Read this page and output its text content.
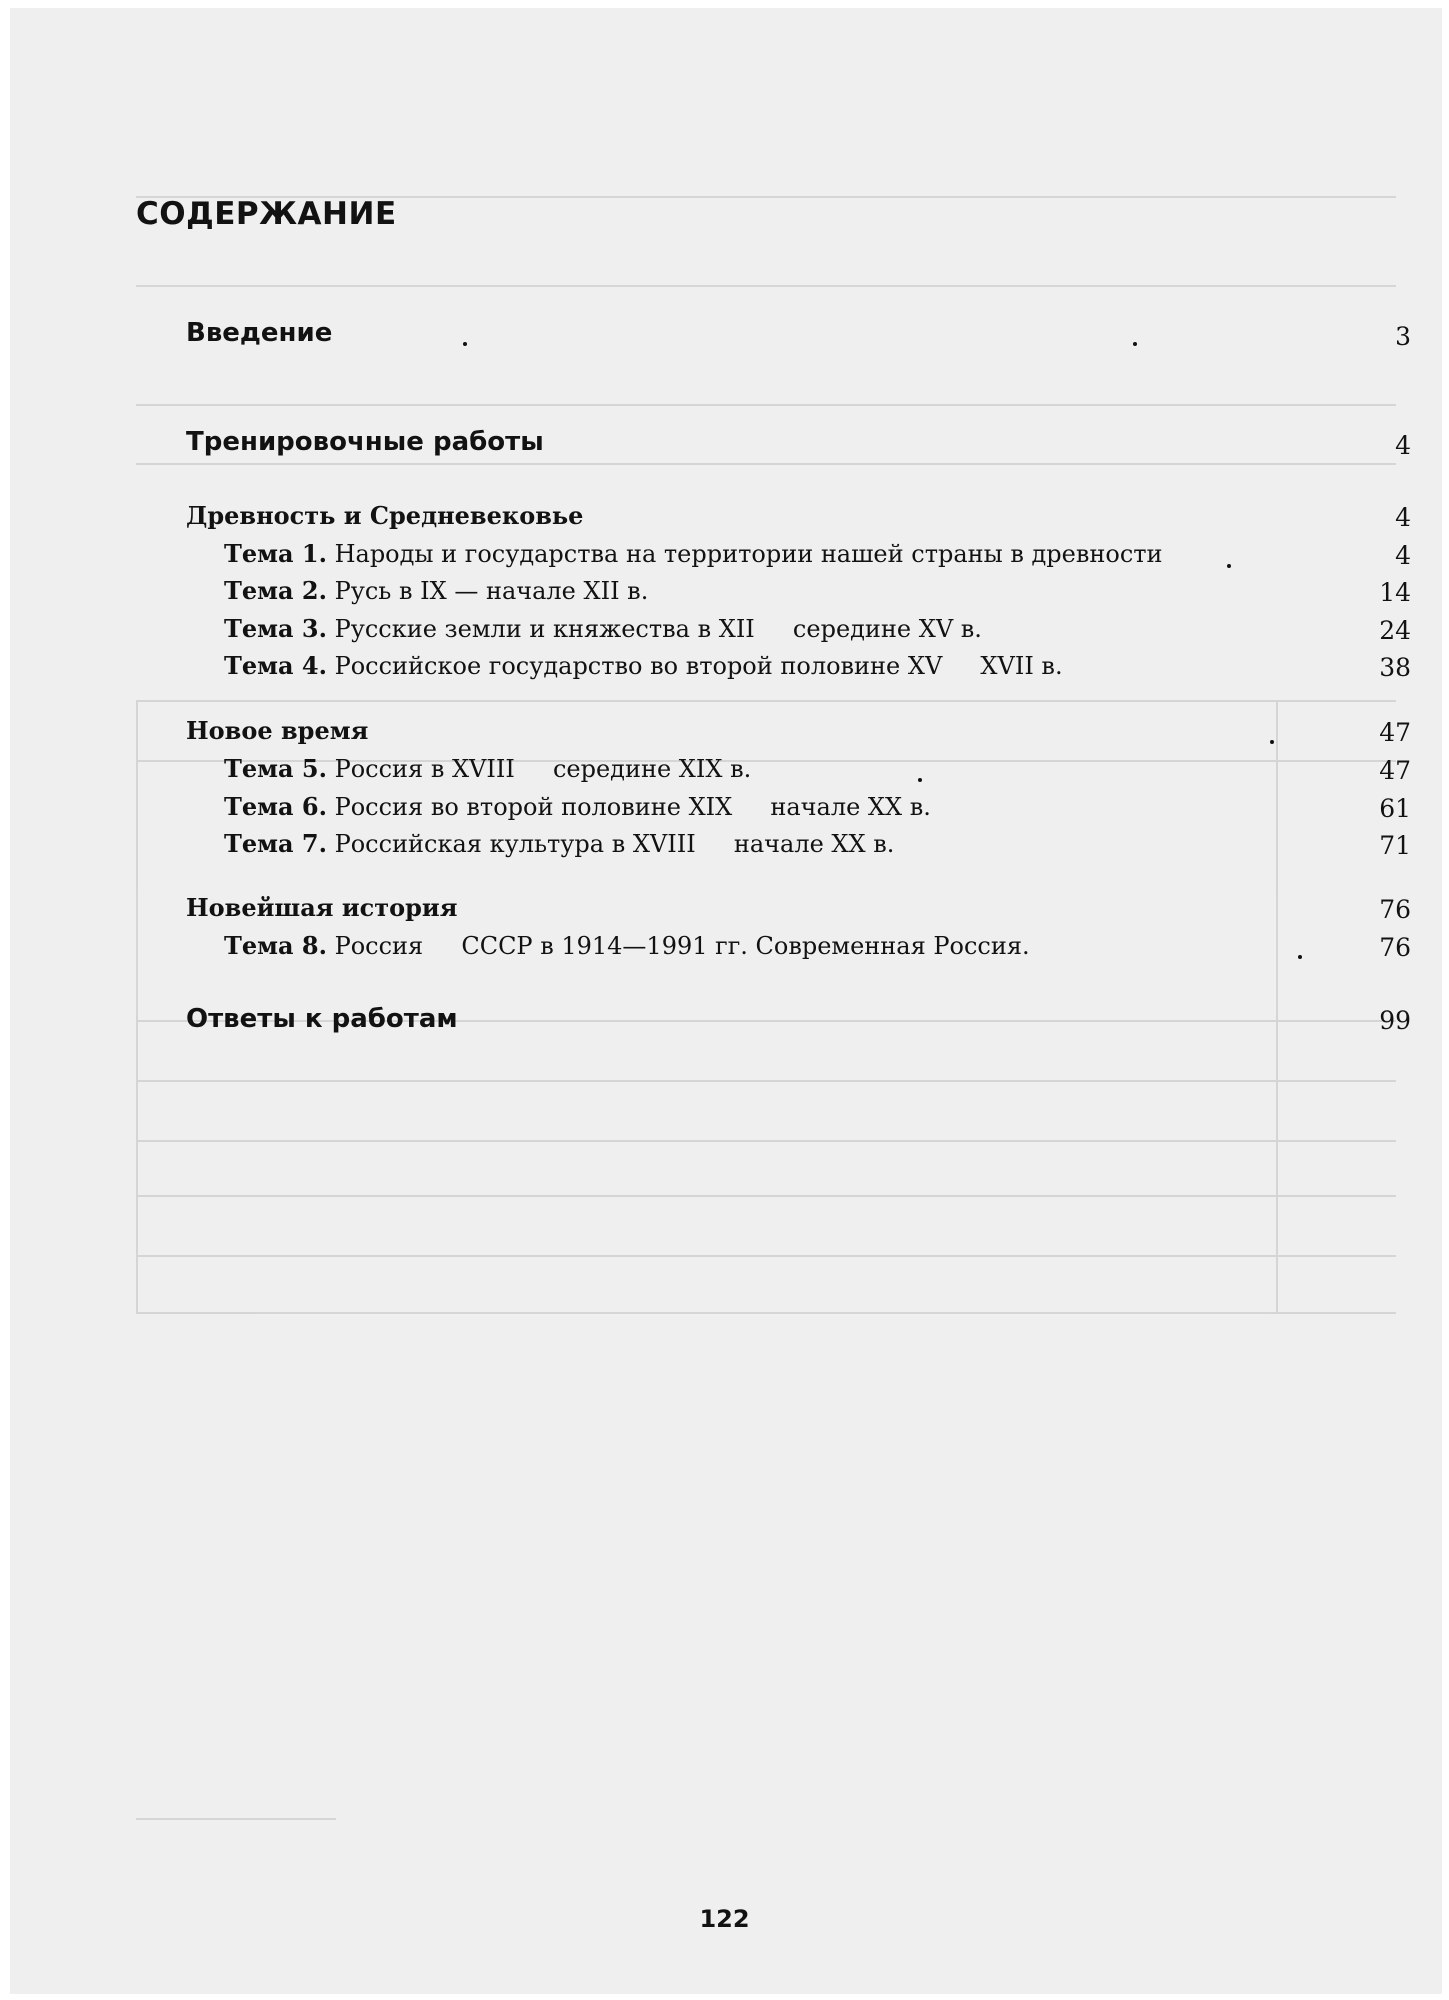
СОДЕРЖАНИЕ
Введение	3
Тренировочные работы	4
Древность и Средневековье	4
Тема 1. Народы и государства на территории нашей страны в древности	4
Тема 2. Русь в IX — начале XII в.	14
Тема 3. Русские земли и княжества в XII     середине XV в.	24
Тема 4. Российское государство во второй половине XV     XVII в.	38
Новое время	47
Тема 5. Россия в XVIII     середине XIX в.	47
Тема 6. Россия во второй половине XIX     начале XX в.	61
Тема 7. Российская культура в XVIII     начале XX в.	71
Новейшая история	76
Тема 8. Россия     СССР в 1914—1991 гг. Современная Россия.	76
Ответы к работам	99
122
